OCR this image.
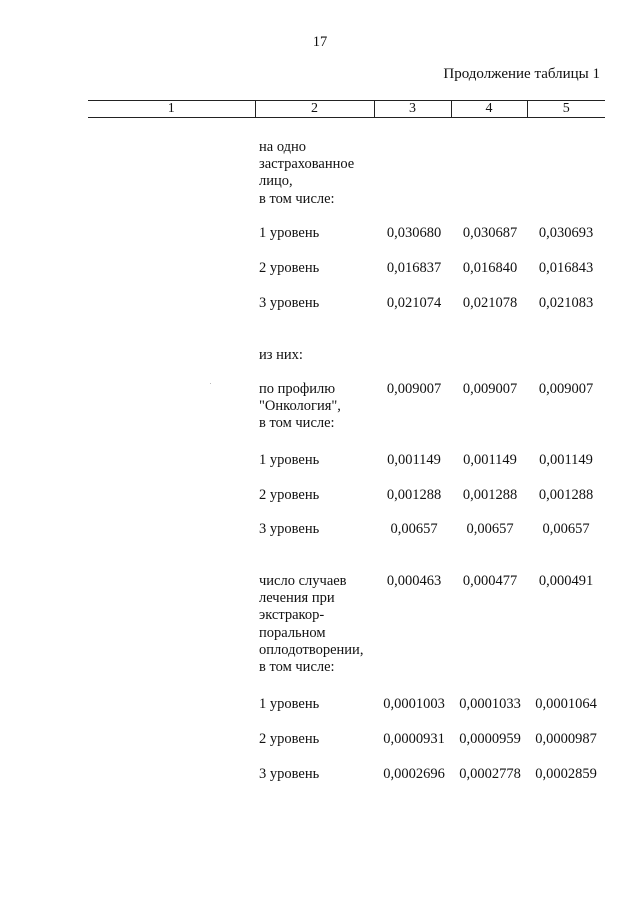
17
Продолжение таблицы 1
1	2	3	4	5
на одно
застрахованное
лицо,
в том числе:
1 уровень	0,030680	0,030687	0,030693
2 уровень	0,016837	0,016840	0,016843
3 уровень	0,021074	0,021078	0,021083
из них:
по профилю
"Онкология",
в том числе:
0,009007	0,009007	0,009007
1 уровень	0,001149	0,001149	0,001149
2 уровень	0,001288	0,001288	0,001288
3 уровень	0,00657	0,00657	0,00657
число случаев
лечения при
экстракор-
поральном
оплодотворении,
в том числе:
0,000463	0,000477	0,000491
1 уровень	0,0001003 0,0001033 0,0001064
2 уровень	0,0000931 0,0000959 0,0000987
3 уровень	0,0002696 0,0002778 0,0002859
